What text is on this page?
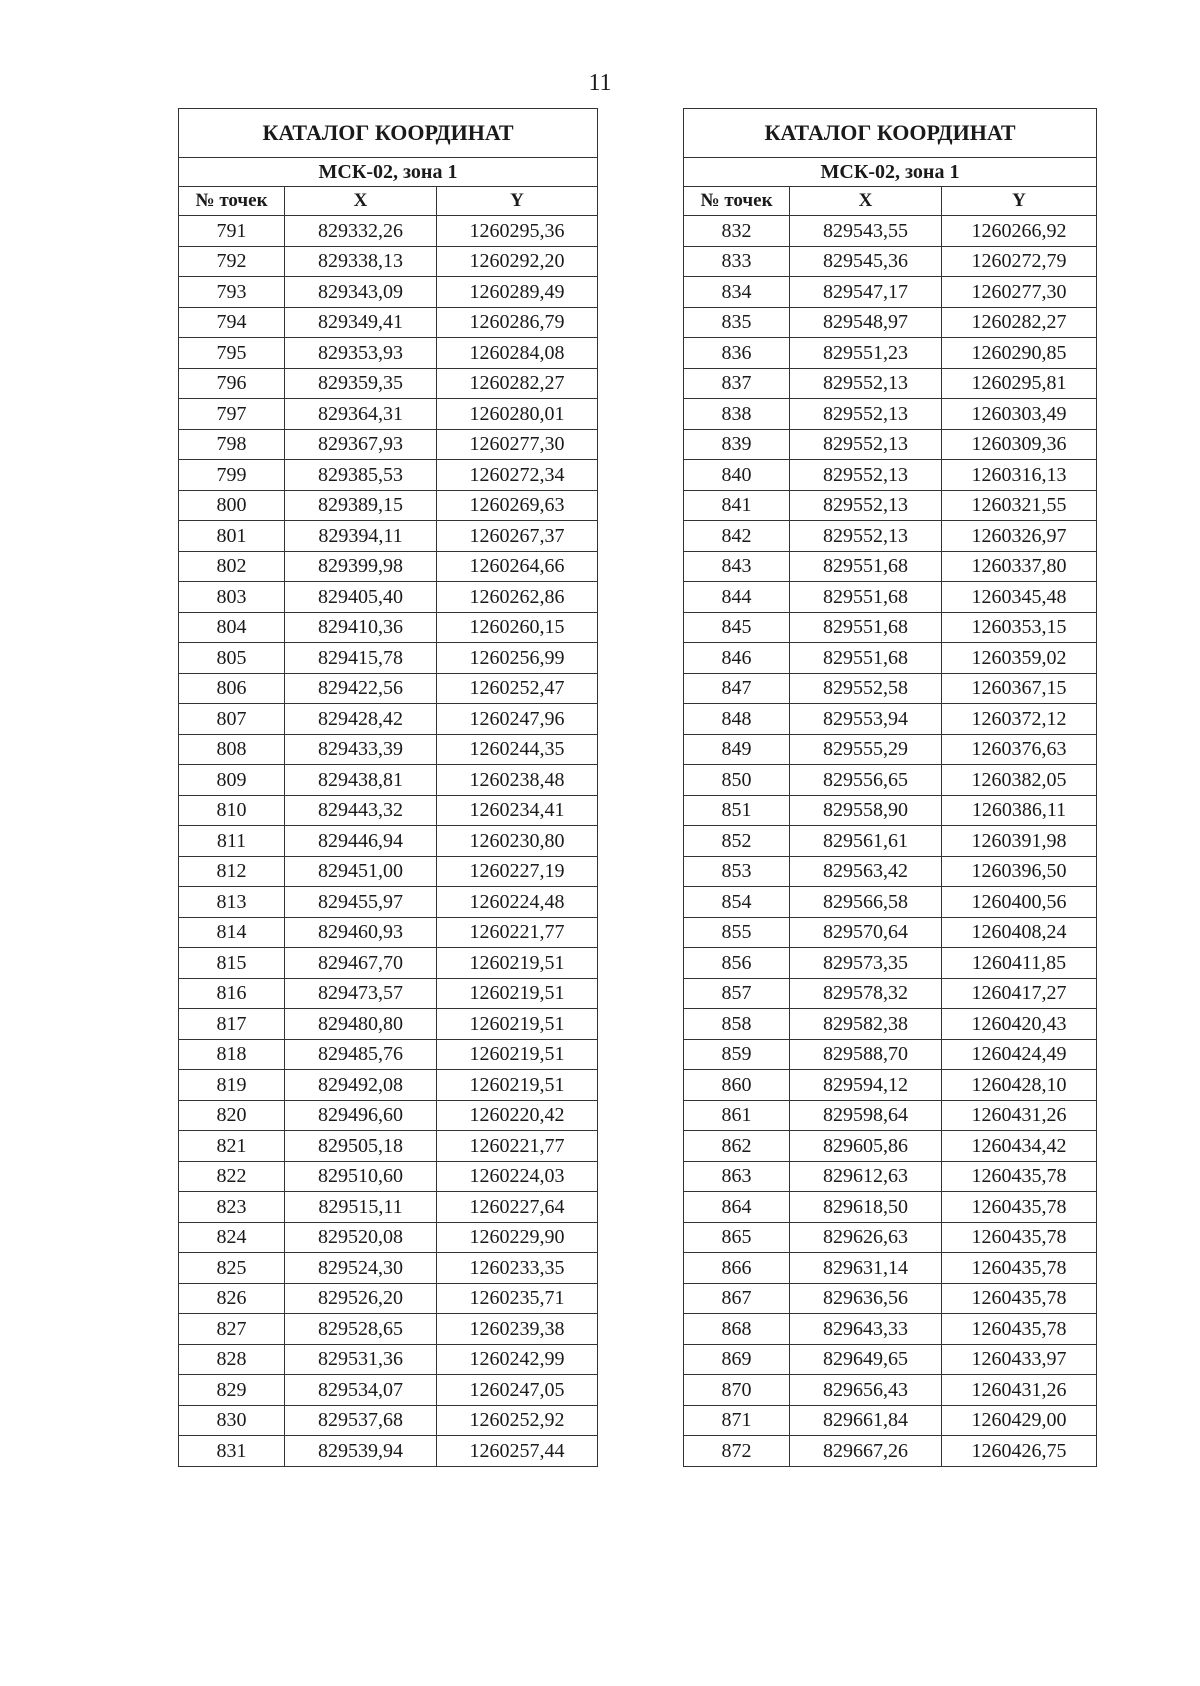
11
КАТАЛОГ КООРДИНАТ		
МСК-02, зона 1		
№ точек	X	Y
791	829332,26	1260295,36
792	829338,13	1260292,20
793	829343,09	1260289,49
794	829349,41	1260286,79
795	829353,93	1260284,08
796	829359,35	1260282,27
797	829364,31	1260280,01
798	829367,93	1260277,30
799	829385,53	1260272,34
800	829389,15	1260269,63
801	829394,11	1260267,37
802	829399,98	1260264,66
803	829405,40	1260262,86
804	829410,36	1260260,15
805	829415,78	1260256,99
806	829422,56	1260252,47
807	829428,42	1260247,96
808	829433,39	1260244,35
809	829438,81	1260238,48
810	829443,32	1260234,41
811	829446,94	1260230,80
812	829451,00	1260227,19
813	829455,97	1260224,48
814	829460,93	1260221,77
815	829467,70	1260219,51
816	829473,57	1260219,51
817	829480,80	1260219,51
818	829485,76	1260219,51
819	829492,08	1260219,51
820	829496,60	1260220,42
821	829505,18	1260221,77
822	829510,60	1260224,03
823	829515,11	1260227,64
824	829520,08	1260229,90
825	829524,30	1260233,35
826	829526,20	1260235,71
827	829528,65	1260239,38
828	829531,36	1260242,99
829	829534,07	1260247,05
830	829537,68	1260252,92
831	829539,94	1260257,44
КАТАЛОГ КООРДИНАТ		
МСК-02, зона 1		
№ точек	X	Y
832	829543,55	1260266,92
833	829545,36	1260272,79
834	829547,17	1260277,30
835	829548,97	1260282,27
836	829551,23	1260290,85
837	829552,13	1260295,81
838	829552,13	1260303,49
839	829552,13	1260309,36
840	829552,13	1260316,13
841	829552,13	1260321,55
842	829552,13	1260326,97
843	829551,68	1260337,80
844	829551,68	1260345,48
845	829551,68	1260353,15
846	829551,68	1260359,02
847	829552,58	1260367,15
848	829553,94	1260372,12
849	829555,29	1260376,63
850	829556,65	1260382,05
851	829558,90	1260386,11
852	829561,61	1260391,98
853	829563,42	1260396,50
854	829566,58	1260400,56
855	829570,64	1260408,24
856	829573,35	1260411,85
857	829578,32	1260417,27
858	829582,38	1260420,43
859	829588,70	1260424,49
860	829594,12	1260428,10
861	829598,64	1260431,26
862	829605,86	1260434,42
863	829612,63	1260435,78
864	829618,50	1260435,78
865	829626,63	1260435,78
866	829631,14	1260435,78
867	829636,56	1260435,78
868	829643,33	1260435,78
869	829649,65	1260433,97
870	829656,43	1260431,26
871	829661,84	1260429,00
872	829667,26	1260426,75
